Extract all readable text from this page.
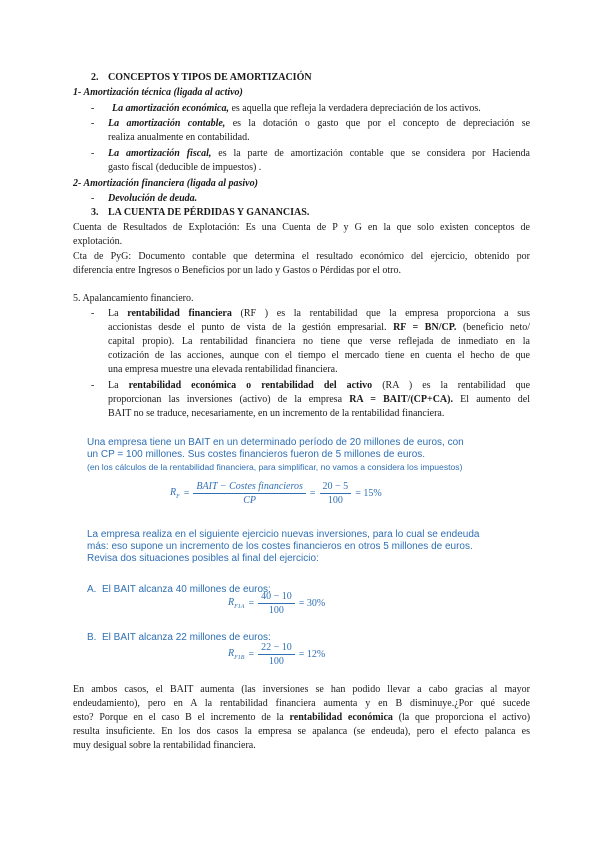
2. CONCEPTOS Y TIPOS DE AMORTIZACIÓN
1- Amortización técnica (ligada al activo)
- La amortización económica, es aquella que refleja la verdadera depreciación de los activos.
- La amortización contable, es la dotación o gasto que por el concepto de depreciación se
realiza anualmente en contabilidad.
- La amortización fiscal, es la parte de amortización contable que se considera por Hacienda
gasto fiscal (deducible de impuestos) .
2- Amortización financiera (ligada al pasivo)
- Devolución de deuda.
3. LA CUENTA DE PÉRDIDAS Y GANANCIAS.
Cuenta de Resultados de Explotación: Es una Cuenta de P y G en la que solo existen conceptos de
explotación.
Cta de PyG: Documento contable que determina el resultado económico del ejercicio, obtenido por
diferencia entre Ingresos o Beneficios por un lado y Gastos o Pérdidas por el otro.
5. Apalancamiento financiero.
- La rentabilidad financiera (RF ) es la rentabilidad que la empresa proporciona a sus
accionistas desde el punto de vista de la gestión empresarial. RF = BN/CP. (beneficio neto/
capital propio). La rentabilidad financiera no tiene que verse reflejada de inmediato en la
cotización de las acciones, aunque con el tiempo el mercado tiene en cuenta el hecho de que
una empresa muestre una elevada rentabilidad financiera.
- La rentabilidad económica o rentabilidad del activo (RA ) es la rentabilidad que
proporcionan las inversiones (activo) de la empresa RA = BAIT/(CP+CA). El aumento del
BAIT no se traduce, necesariamente, en un incremento de la rentabilidad financiera.
Una empresa tiene un BAIT en un determinado período de 20 millones de euros, con
un CP = 100 millones. Sus costes financieros fueron de 5 millones de euros.
(en los cálculos de la rentabilidad financiera, para simplificar, no vamos a considera los impuestos)
$R_F = \frac{\text{BAIT − Costes financieros}}{CP} = \frac{20 - 5}{100} = 15\%$
La empresa realiza en el siguiente ejercicio nuevas inversiones, para lo cual se endeuda
más: eso supone un incremento de los costes financieros en otros 5 millones de euros.
Revisa dos situaciones posibles al final del ejercicio:
A. El BAIT alcanza 40 millones de euros:
$R_{F1A} = \frac{40 - 10}{100} = 30\%$
B. El BAIT alcanza 22 millones de euros:
$R_{F1B} = \frac{22 - 10}{100} = 12\%$
En ambos casos, el BAIT aumenta (las inversiones se han podido llevar a cabo gracias al mayor
endeudamiento), pero en A la rentabilidad financiera aumenta y en B disminuye.¿Por qué sucede
esto? Porque en el caso B el incremento de la rentabilidad económica (la que proporciona el activo)
resulta insuficiente. En los dos casos la empresa se apalanca (se endeuda), pero el efecto palanca es
muy desigual sobre la rentabilidad financiera.
